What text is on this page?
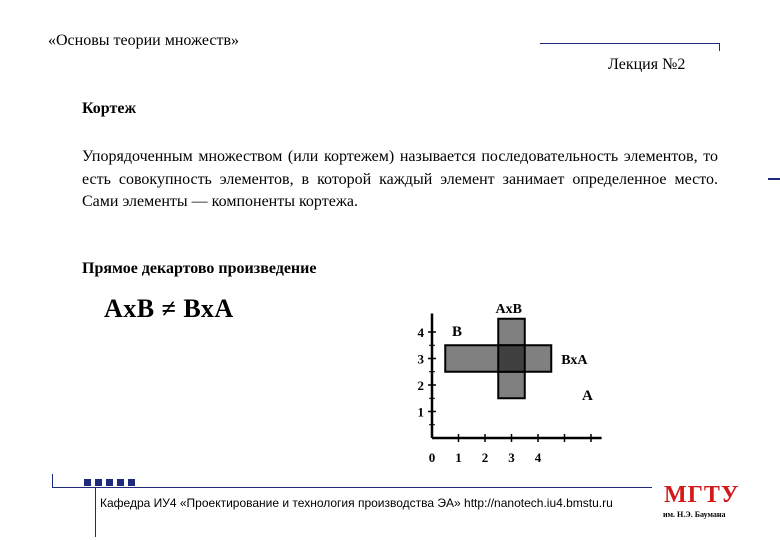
«Основы теории множеств»
Лекция №2
Кортеж
Упорядоченным множеством (или кортежем) называется последовательность элементов, то есть совокупность элементов, в которой каждый элемент занимает определенное место. Сами элементы — компоненты кортежа.
Прямое декартово произведение
АхВ ≠ ВхА
0 1 2 3 4
1
2
3
4
A
B
АхВ
ВхА
Кафедра ИУ4 «Проектирование и технология производства ЭА» http://nanotech.iu4.bmstu.ru МГТУ
им. Н.Э. Баумана
